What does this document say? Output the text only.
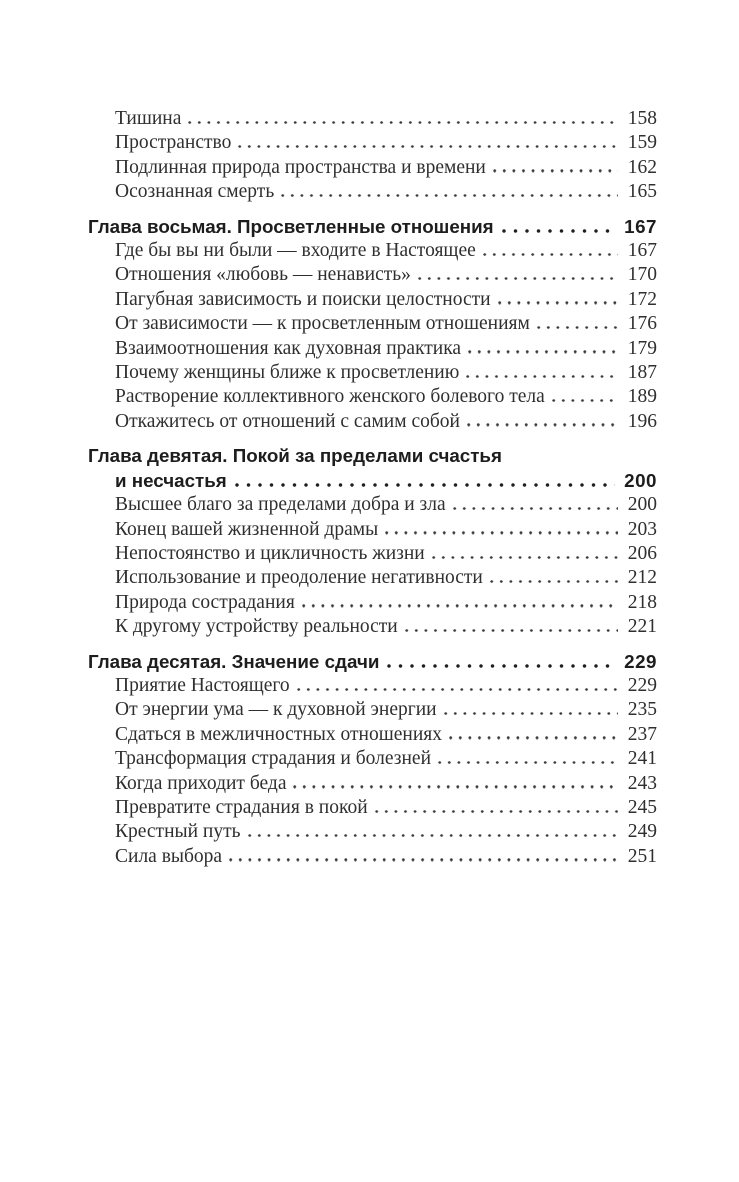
Тишина	158
Пространство	159
Подлинная природа пространства и времени	162
Осознанная смерть	165
Глава восьмая. Просветленные отношения	167
Где бы вы ни были — входите в Настоящее	167
Отношения «любовь — ненависть»	170
Пагубная зависимость и поиски целостности	172
От зависимости — к просветленным отношениям	176
Взаимоотношения как духовная практика	179
Почему женщины ближе к просветлению	187
Растворение коллективного женского болевого тела	189
Откажитесь от отношений с самим собой	196
Глава девятая. Покой за пределами счастья
и несчастья	200
Высшее благо за пределами добра и зла	200
Конец вашей жизненной драмы	203
Непостоянство и цикличность жизни	206
Использование и преодоление негативности	212
Природа сострадания	218
К другому устройству реальности	221
Глава десятая. Значение сдачи	229
Приятие Настоящего	229
От энергии ума — к духовной энергии	235
Сдаться в межличностных отношениях	237
Трансформация страдания и болезней	241
Когда приходит беда	243
Превратите страдания в покой	245
Крестный путь	249
Сила выбора	251
